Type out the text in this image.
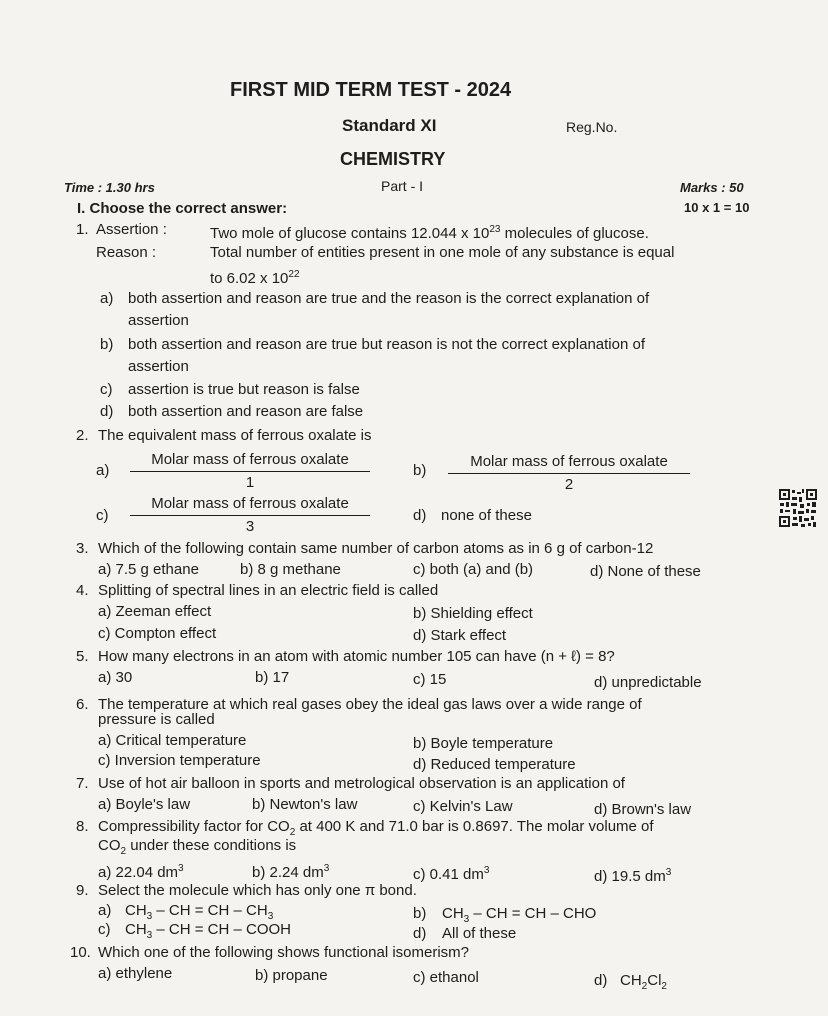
FIRST MID TERM TEST - 2024
Standard XI	Reg.No.
CHEMISTRY
Time : 1.30 hrs	Part - I	Marks : 50
10 x 1 = 10
I. Choose the correct answer:
1. Assertion :	Two mole of glucose contains 12.044 x $10^{23}$ molecules of glucose.
Reason :	Total number of entities present in one mole of any substance is equal
to 6.02 x $10^{22}$
a) both assertion and reason are true and the reason is the correct explanation of
assertion
b) both assertion and reason are true but reason is not the correct explanation of
assertion
c) assertion is true but reason is false
d) both assertion and reason are false
2. The equivalent mass of ferrous oxalate is
a)
Molar mass of ferrous oxalate
1
b)
Molar mass of ferrous oxalate
2
c)
Molar mass of ferrous oxalate
3
d) none of these
3. Which of the following contain same number of carbon atoms as in 6 g of carbon-12
a) 7.5 g ethane	b) 8 g methane	c) both (a) and (b)	d) None of these
4. Splitting of spectral lines in an electric field is called
a) Zeeman effect	b) Shielding effect
c) Compton effect	d) Stark effect
5. How many electrons in an atom with atomic number 105 can have (n + ℓ) = 8?
a) 30	b) 17	c) 15	d) unpredictable
6. The temperature at which real gases obey the ideal gas laws over a wide range of
pressure is called
a) Critical temperature	b) Boyle temperature
c) Inversion temperature	d) Reduced temperature
7. Use of hot air balloon in sports and metrological observation is an application of
a) Boyle's law	b) Newton's law	c) Kelvin's Law	d) Brown's law
8. Compressibility factor for $CO_2$ at 400 K and 71.0 bar is 0.8697. The molar volume of
$CO_2$ under these conditions is
a) 22.04 $dm^3$	b) 2.24 $dm^3$	c) 0.41 $dm^3$	d) 19.5 $dm^3$
9. Select the molecule which has only one π bond.
a) $CH_3$ – CH = CH – $CH_3$	b) $CH_3$ – CH = CH – CHO
c) $CH_3$ – CH = CH – COOH	d) All of these
10. Which one of the following shows functional isomerism?
a) ethylene	b) propane	c) ethanol	d) $CH_2Cl_2$
